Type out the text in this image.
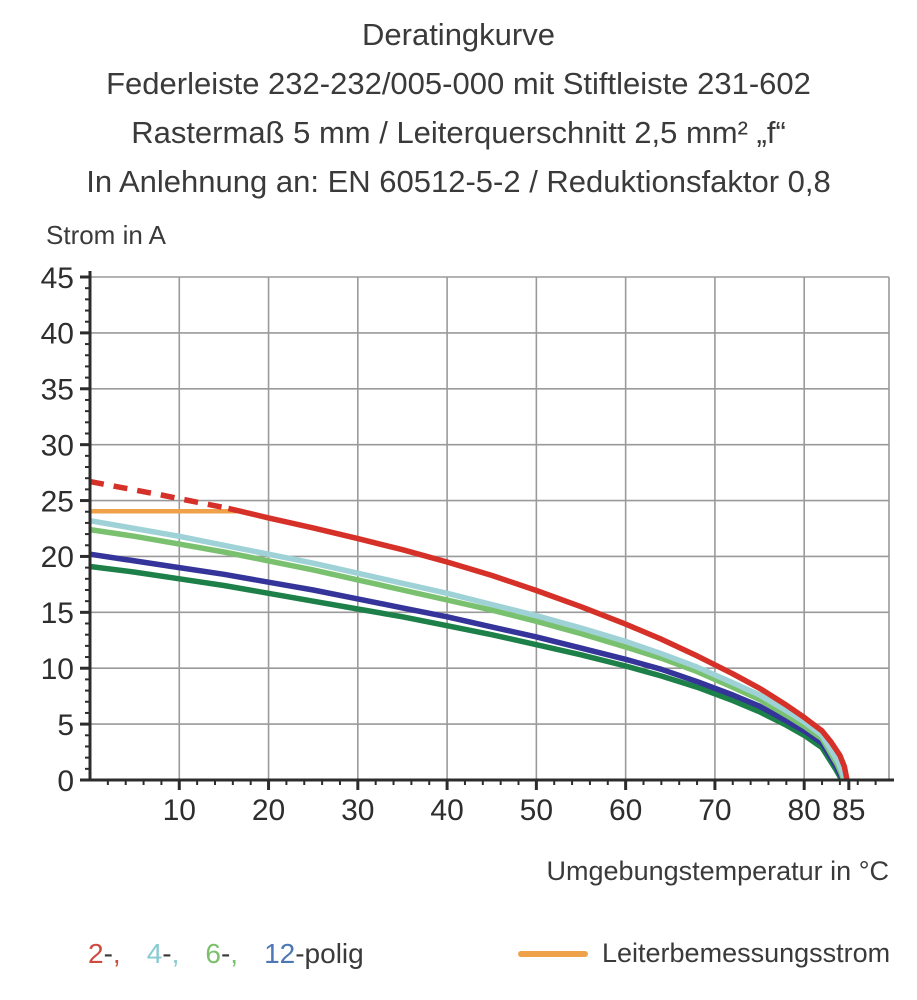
Deratingkurve
Federleiste 232-232/005-000 mit Stiftleiste 231-602
Rastermaß 5 mm / Leiterquerschnitt 2,5 mm² „f“
In Anlehnung an: EN 60512-5-2 / Reduktionsfaktor 0,8
10 20 30 40 50 60 70 80 85
0
5
10
15
20
25
30
35
40
45
Strom in A
Umgebungstemperatur in °C
2-, 4-, 6-, 12-polig	Leiterbemessungsstrom
